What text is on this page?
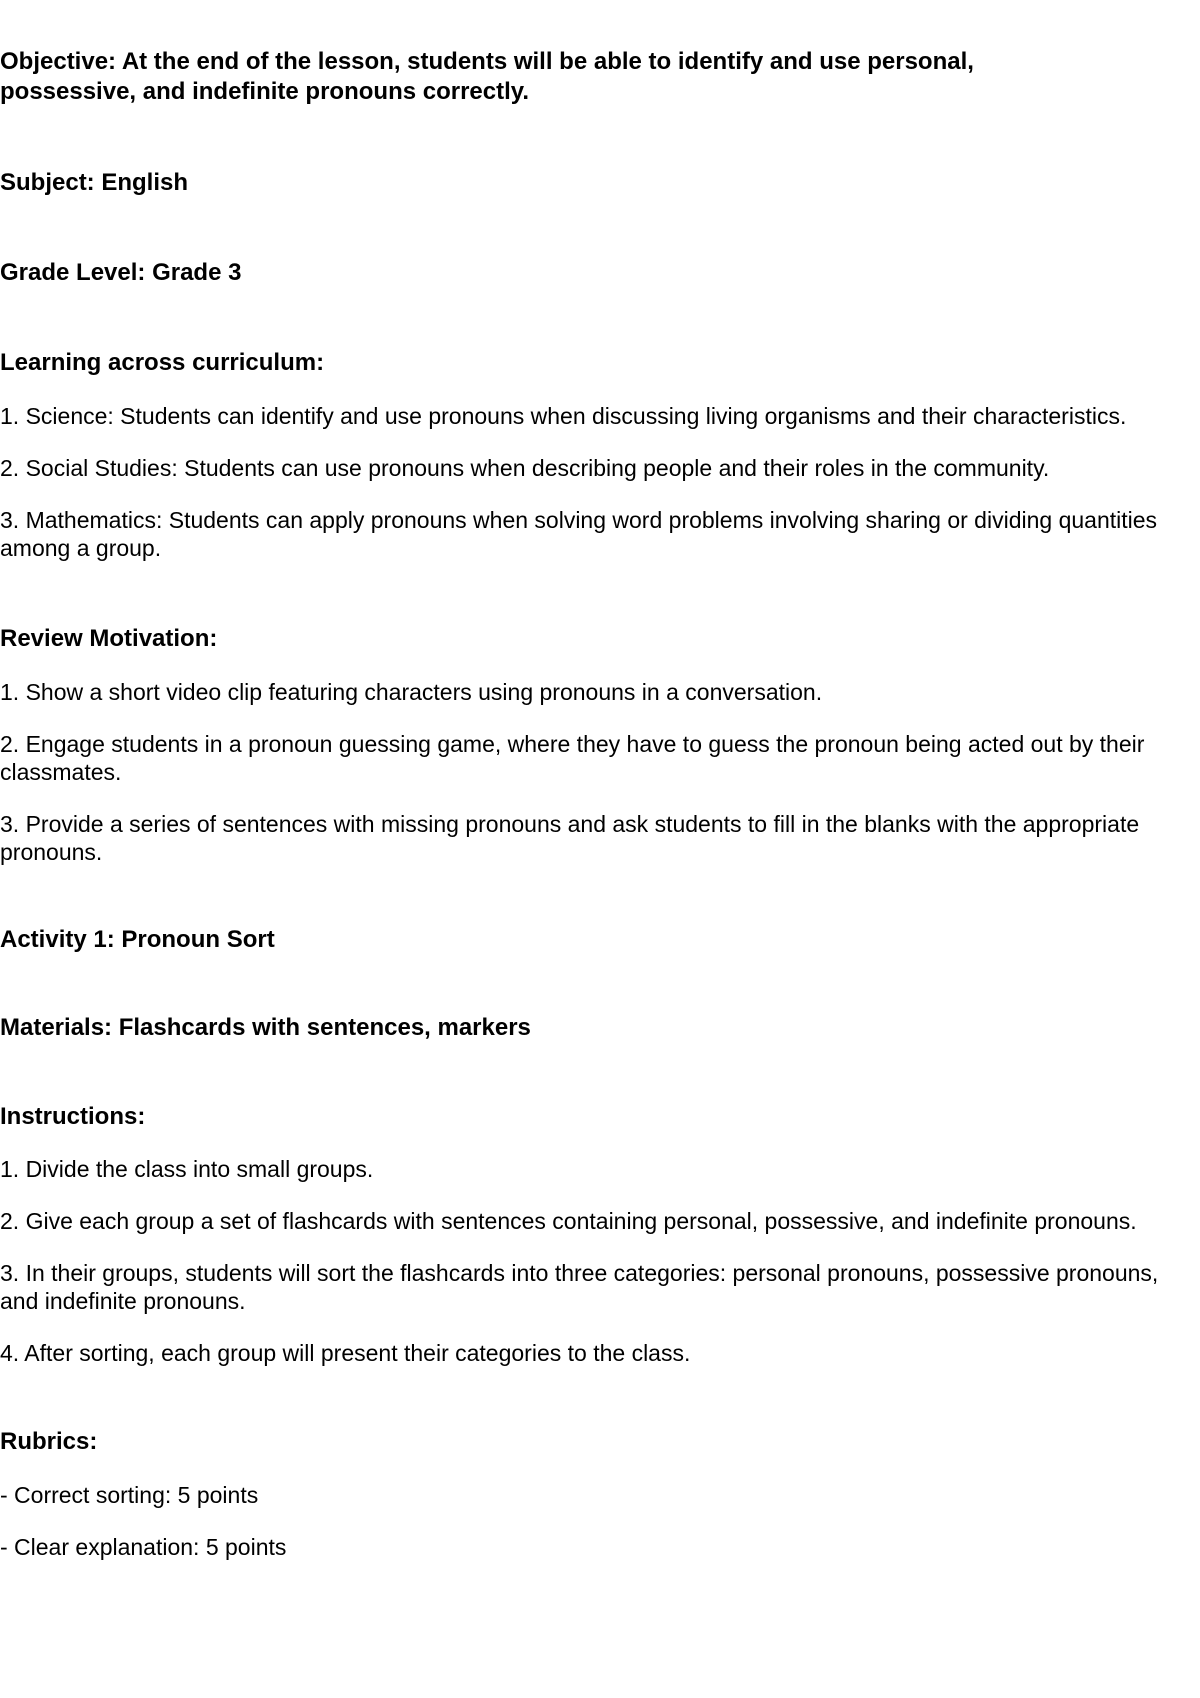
Objective: At the end of the lesson, students will be able to identify and use personal, possessive, and indefinite pronouns correctly.

Subject: English

Grade Level: Grade 3

Learning across curriculum:

1. Science: Students can identify and use pronouns when discussing living organisms and their characteristics.

2. Social Studies: Students can use pronouns when describing people and their roles in the community.

3. Mathematics: Students can apply pronouns when solving word problems involving sharing or dividing quantities among a group.

Review Motivation:

1. Show a short video clip featuring characters using pronouns in a conversation.

2. Engage students in a pronoun guessing game, where they have to guess the pronoun being acted out by their classmates.

3. Provide a series of sentences with missing pronouns and ask students to fill in the blanks with the appropriate pronouns.

Activity 1: Pronoun Sort

Materials: Flashcards with sentences, markers

Instructions:

1. Divide the class into small groups.

2. Give each group a set of flashcards with sentences containing personal, possessive, and indefinite pronouns.

3. In their groups, students will sort the flashcards into three categories: personal pronouns, possessive pronouns, and indefinite pronouns.

4. After sorting, each group will present their categories to the class.

Rubrics:

- Correct sorting: 5 points

- Clear explanation: 5 points
